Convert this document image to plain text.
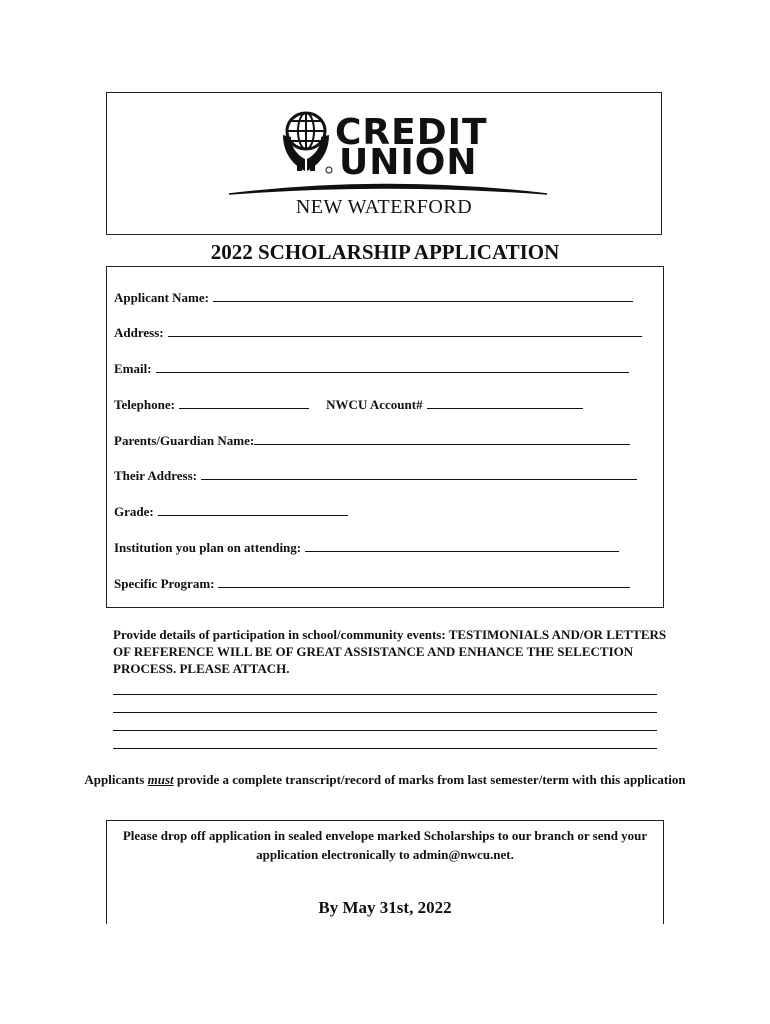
CREDIT
UNION
NEW WATERFORD
2022 SCHOLARSHIP APPLICATION
Applicant Name:
Address:
Email:
Telephone:	NWCU Account#
Parents/Guardian Name:
Their Address:
Grade:
Institution you plan on attending:
Specific Program:
Provide details of participation in school/community events: TESTIMONIALS AND/OR LETTERS OF REFERENCE WILL BE OF GREAT ASSISTANCE AND ENHANCE THE SELECTION PROCESS. PLEASE ATTACH.
Applicants must provide a complete transcript/record of marks from last semester/term with this application
Please drop off application in sealed envelope marked Scholarships to our branch or send your application electronically to admin@nwcu.net.
By May 31st, 2022
